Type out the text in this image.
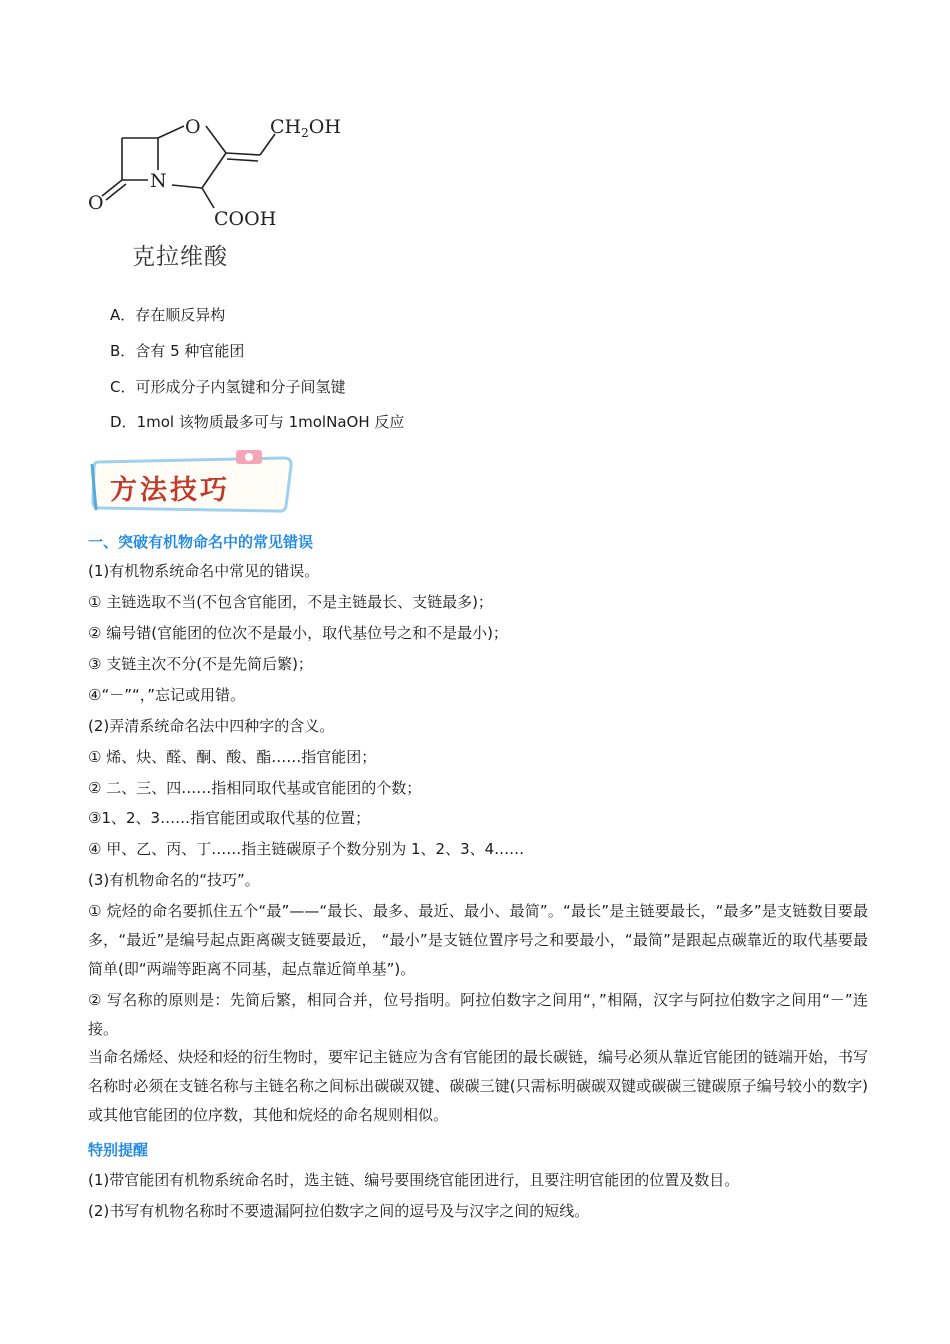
O
N
O
$CH_2OH$
COOH
克拉维酸
A．存在顺反异构
B．含有 5 种官能团
C．可形成分子内氢键和分子间氢键
D．1mol 该物质最多可与 1molNaOH 反应
方法技巧
一、突破有机物命名中的常见错误
(1)有机物系统命名中常见的错误。
① 主链选取不当(不包含官能团，不是主链最长、支链最多)；
② 编号错(官能团的位次不是最小，取代基位号之和不是最小)；
③ 支链主次不分(不是先简后繁)；
④“－”“，”忘记或用错。
(2)弄清系统命名法中四种字的含义。
① 烯、炔、醛、酮、酸、酯……指官能团；
② 二、三、四……指相同取代基或官能团的个数；
③1、2、3……指官能团或取代基的位置；
④ 甲、乙、丙、丁……指主链碳原子个数分别为 1、2、3、4……
(3)有机物命名的“技巧”。
① 烷烃的命名要抓住五个“最”——“最长、最多、最近、最小、最简”。“最长”是主链要最长，“最多”是支链数目要最多，“最近”是编号起点距离碳支链要最近， “最小”是支链位置序号之和要最小，“最简”是跟起点碳靠近的取代基要最简单(即“两端等距离不同基，起点靠近简单基”)。
② 写名称的原则是：先简后繁，相同合并，位号指明。阿拉伯数字之间用“，”相隔，汉字与阿拉伯数字之间用“－”连接。
当命名烯烃、炔烃和烃的衍生物时，要牢记主链应为含有官能团的最长碳链，编号必须从靠近官能团的链端开始，书写名称时必须在支链名称与主链名称之间标出碳碳双键、碳碳三键(只需标明碳碳双键或碳碳三键碳原子编号较小的数字)或其他官能团的位序数，其他和烷烃的命名规则相似。
特别提醒
(1)带官能团有机物系统命名时，选主链、编号要围绕官能团进行，且要注明官能团的位置及数目。
(2)书写有机物名称时不要遗漏阿拉伯数字之间的逗号及与汉字之间的短线。
